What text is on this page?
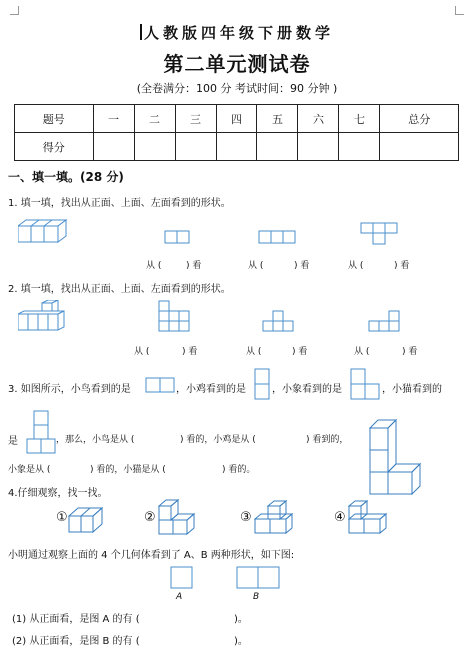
人教版四年级下册数学
第二单元测试卷
(全卷满分：100 分 考试时间：90 分钟 )
题号	一	二	三	四	五	六	七	总分
得分								
一、填一填。(28 分)
1. 填一填，找出从正面、上面、左面看到的形状。
从 (	) 看	从 (	) 看	从 (	) 看
2. 填一填，找出从正面、上面、左面看到的形状。
从 (	) 看	从 (	) 看	从 (	) 看
3. 如图所示，小鸟看到的是	，小鸡看到的是	，小象看到的是	，小猫看到的
是	，那么，小鸟是从 (	) 看的，小鸡是从 (	) 看到的，
小象是从 (	) 看的，小猫是从 (	) 看的。
4.仔细观察，找一找。
①	②	③	④
小明通过观察上面的 4 个几何体看到了 A、B 两种形状，如下图:
A	B
(1) 从正面看，是图 A 的有 (	)。
(2) 从正面看，是图 B 的有 (	)。
